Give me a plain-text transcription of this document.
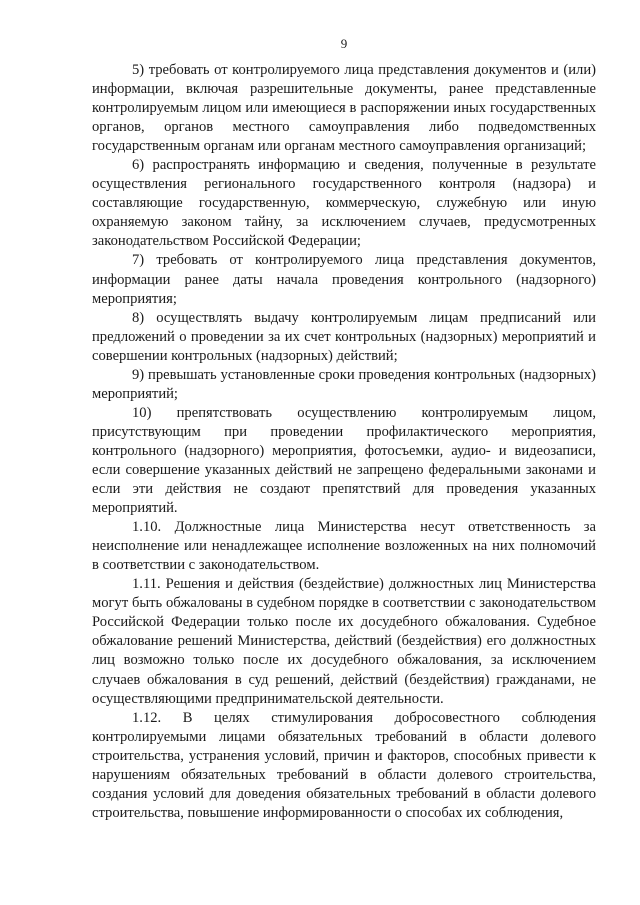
9

5) требовать от контролируемого лица представления документов и (или) информации, включая разрешительные документы, ранее представленные контролируемым лицом или имеющиеся в распоряжении иных государственных органов, органов местного самоуправления либо подведомственных государственным органам или органам местного самоуправления организаций;

6) распространять информацию и сведения, полученные в результате осуществления регионального государственного контроля (надзора) и составляющие государственную, коммерческую, служебную или иную охраняемую законом тайну, за исключением случаев, предусмотренных законодательством Российской Федерации;

7) требовать от контролируемого лица представления документов, информации ранее даты начала проведения контрольного (надзорного) мероприятия;

8) осуществлять выдачу контролируемым лицам предписаний или предложений о проведении за их счет контрольных (надзорных) мероприятий и совершении контрольных (надзорных) действий;

9) превышать установленные сроки проведения контрольных (надзорных) мероприятий;

10) препятствовать осуществлению контролируемым лицом, присутствующим при проведении профилактического мероприятия, контрольного (надзорного) мероприятия, фотосъемки, аудио- и видеозаписи, если совершение указанных действий не запрещено федеральными законами и если эти действия не создают препятствий для проведения указанных мероприятий.

1.10. Должностные лица Министерства несут ответственность за неисполнение или ненадлежащее исполнение возложенных на них полномочий в соответствии с законодательством.

1.11. Решения и действия (бездействие) должностных лиц Министерства могут быть обжалованы в судебном порядке в соответствии с законодательством Российской Федерации только после их досудебного обжалования. Судебное обжалование решений Министерства, действий (бездействия) его должностных лиц возможно только после их досудебного обжалования, за исключением случаев обжалования в суд решений, действий (бездействия) гражданами, не осуществляющими предпринимательской деятельности.

1.12. В целях стимулирования добросовестного соблюдения контролируемыми лицами обязательных требований в области долевого строительства, устранения условий, причин и факторов, способных привести к нарушениям обязательных требований в области долевого строительства, создания условий для доведения обязательных требований в области долевого строительства, повышение информированности о способах их соблюдения,
